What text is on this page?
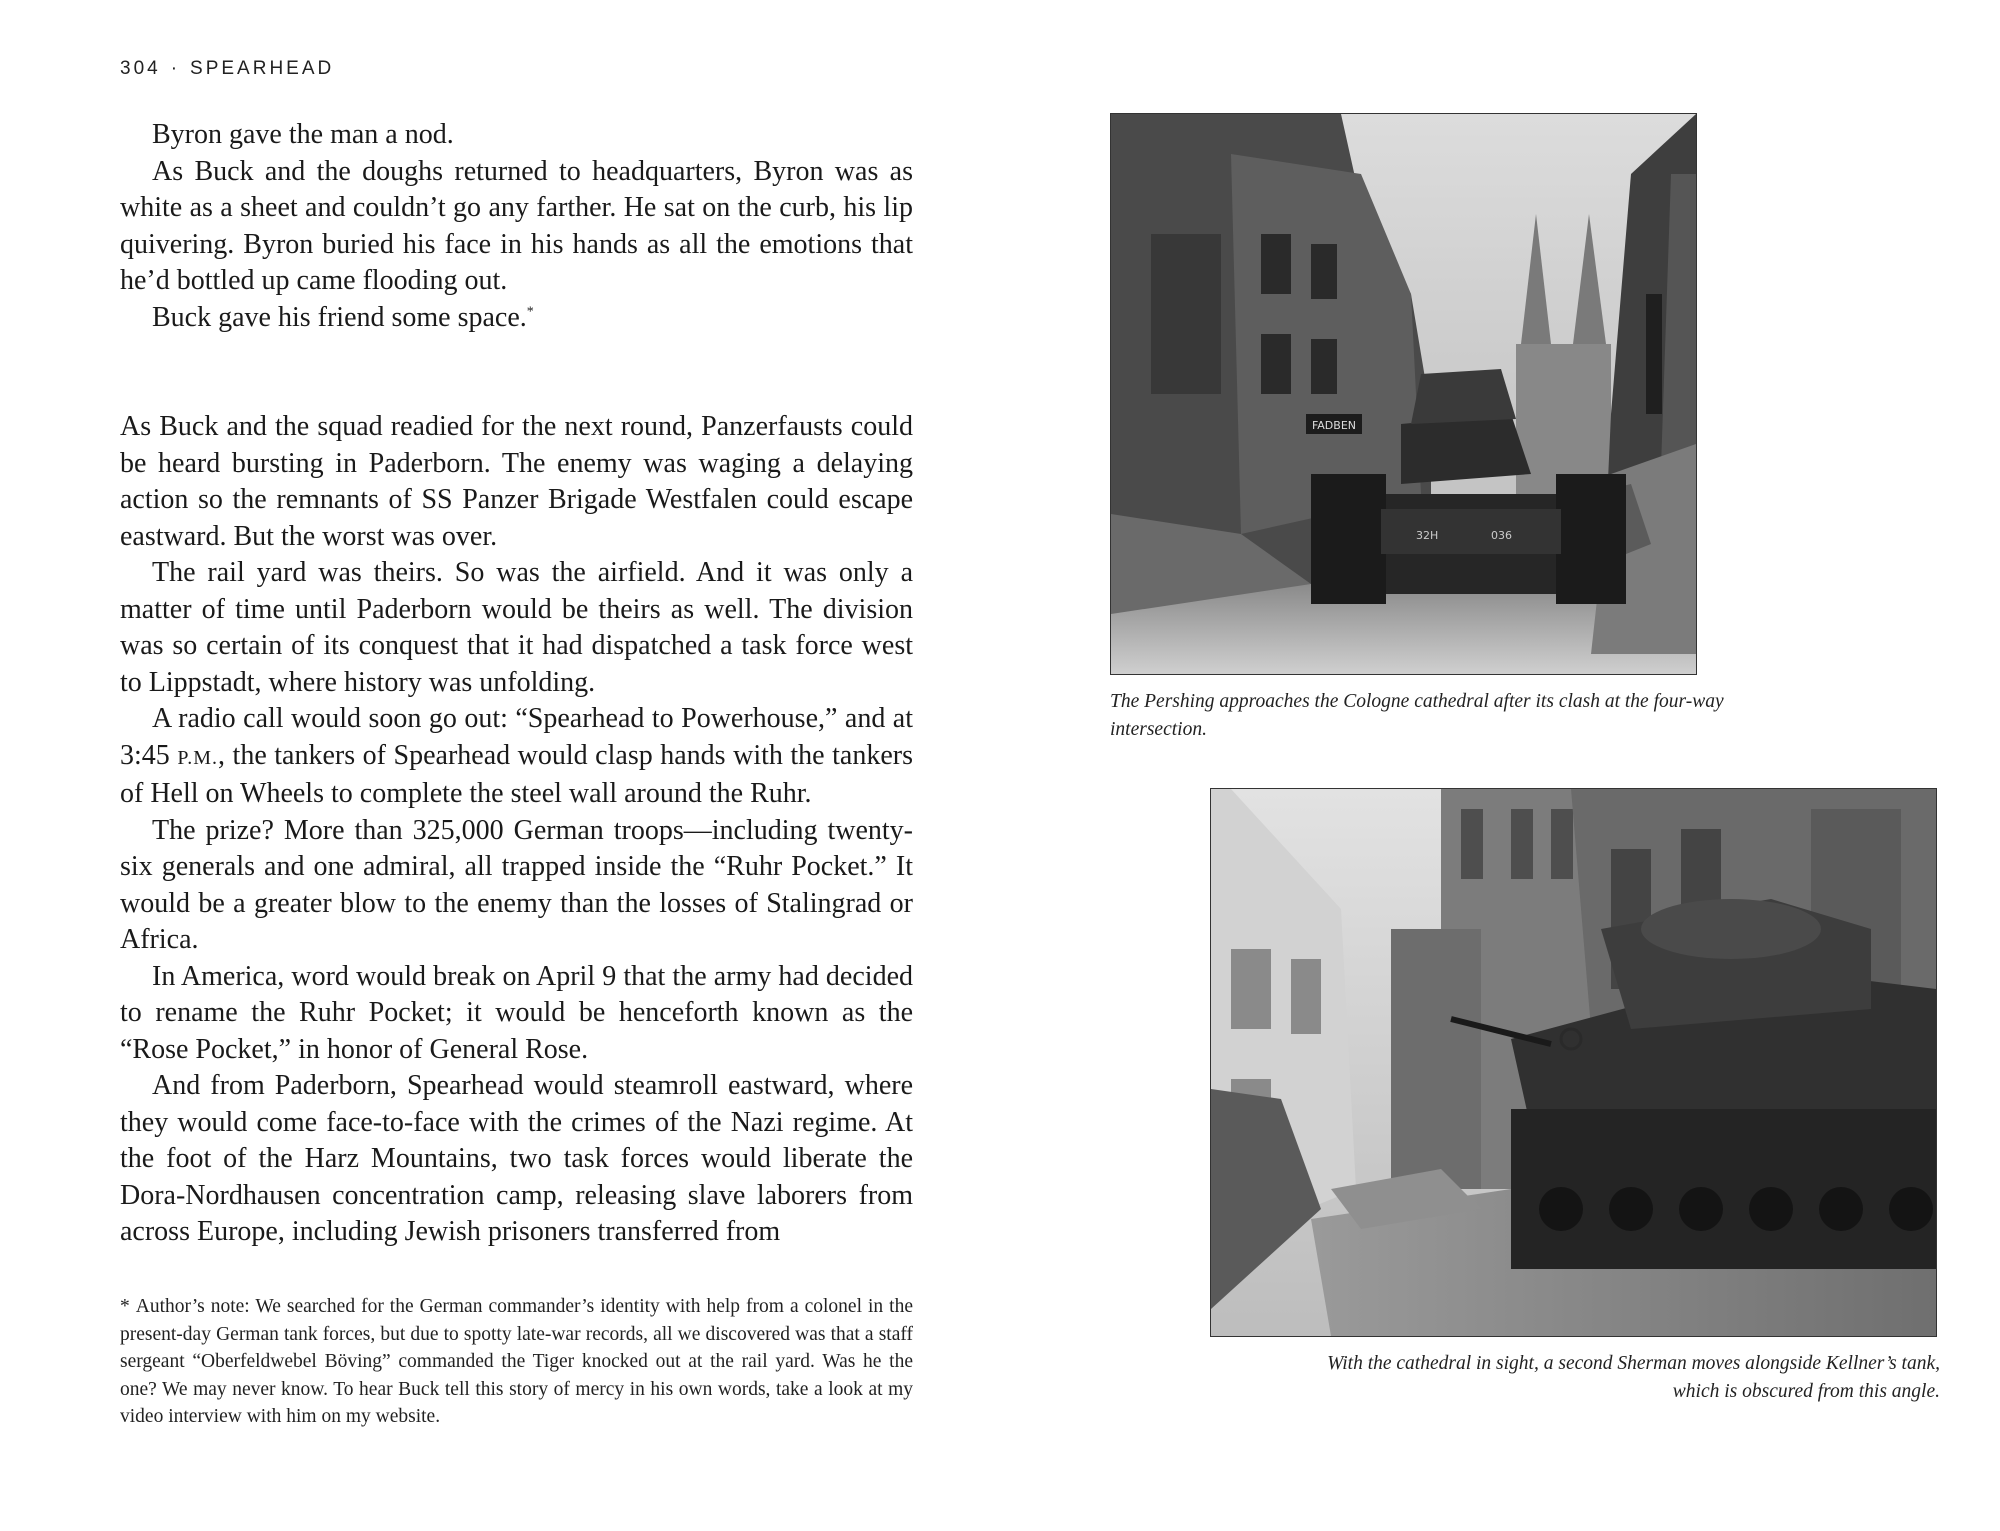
304 · SPEARHEAD

Byron gave the man a nod.

As Buck and the doughs returned to headquarters, Byron was as white as a sheet and couldn’t go any farther. He sat on the curb, his lip quivering. Byron buried his face in his hands as all the emotions that he’d bottled up came flooding out.

Buck gave his friend some space.*

As Buck and the squad readied for the next round, Panzerfausts could be heard bursting in Paderborn. The enemy was waging a delaying action so the remnants of SS Panzer Brigade Westfalen could escape eastward. But the worst was over.

The rail yard was theirs. So was the airfield. And it was only a matter of time until Paderborn would be theirs as well. The division was so certain of its conquest that it had dispatched a task force west to Lippstadt, where history was unfolding.

A radio call would soon go out: “Spearhead to Powerhouse,” and at 3:45 P.M., the tankers of Spearhead would clasp hands with the tankers of Hell on Wheels to complete the steel wall around the Ruhr.

The prize? More than 325,000 German troops—including twenty-six generals and one admiral, all trapped inside the “Ruhr Pocket.” It would be a greater blow to the enemy than the losses of Stalingrad or Africa.

In America, word would break on April 9 that the army had decided to rename the Ruhr Pocket; it would be henceforth known as the “Rose Pocket,” in honor of General Rose.

And from Paderborn, Spearhead would steamroll eastward, where they would come face-to-face with the crimes of the Nazi regime. At the foot of the Harz Mountains, two task forces would liberate the Dora-Nordhausen concentration camp, releasing slave laborers from across Europe, including Jewish prisoners transferred from

* Author’s note: We searched for the German commander’s identity with help from a colonel in the present-day German tank forces, but due to spotty late-war records, all we discovered was that a staff sergeant “Oberfeldwebel Böving” commanded the Tiger knocked out at the rail yard. Was he the one? We may never know. To hear Buck tell this story of mercy in his own words, take a look at my video interview with him on my website.
FADBEN
32H	036
The Pershing approaches the Cologne cathedral after its clash at the four-way intersection.
With the cathedral in sight, a second Sherman moves alongside Kellner’s tank, which is obscured from this angle.
